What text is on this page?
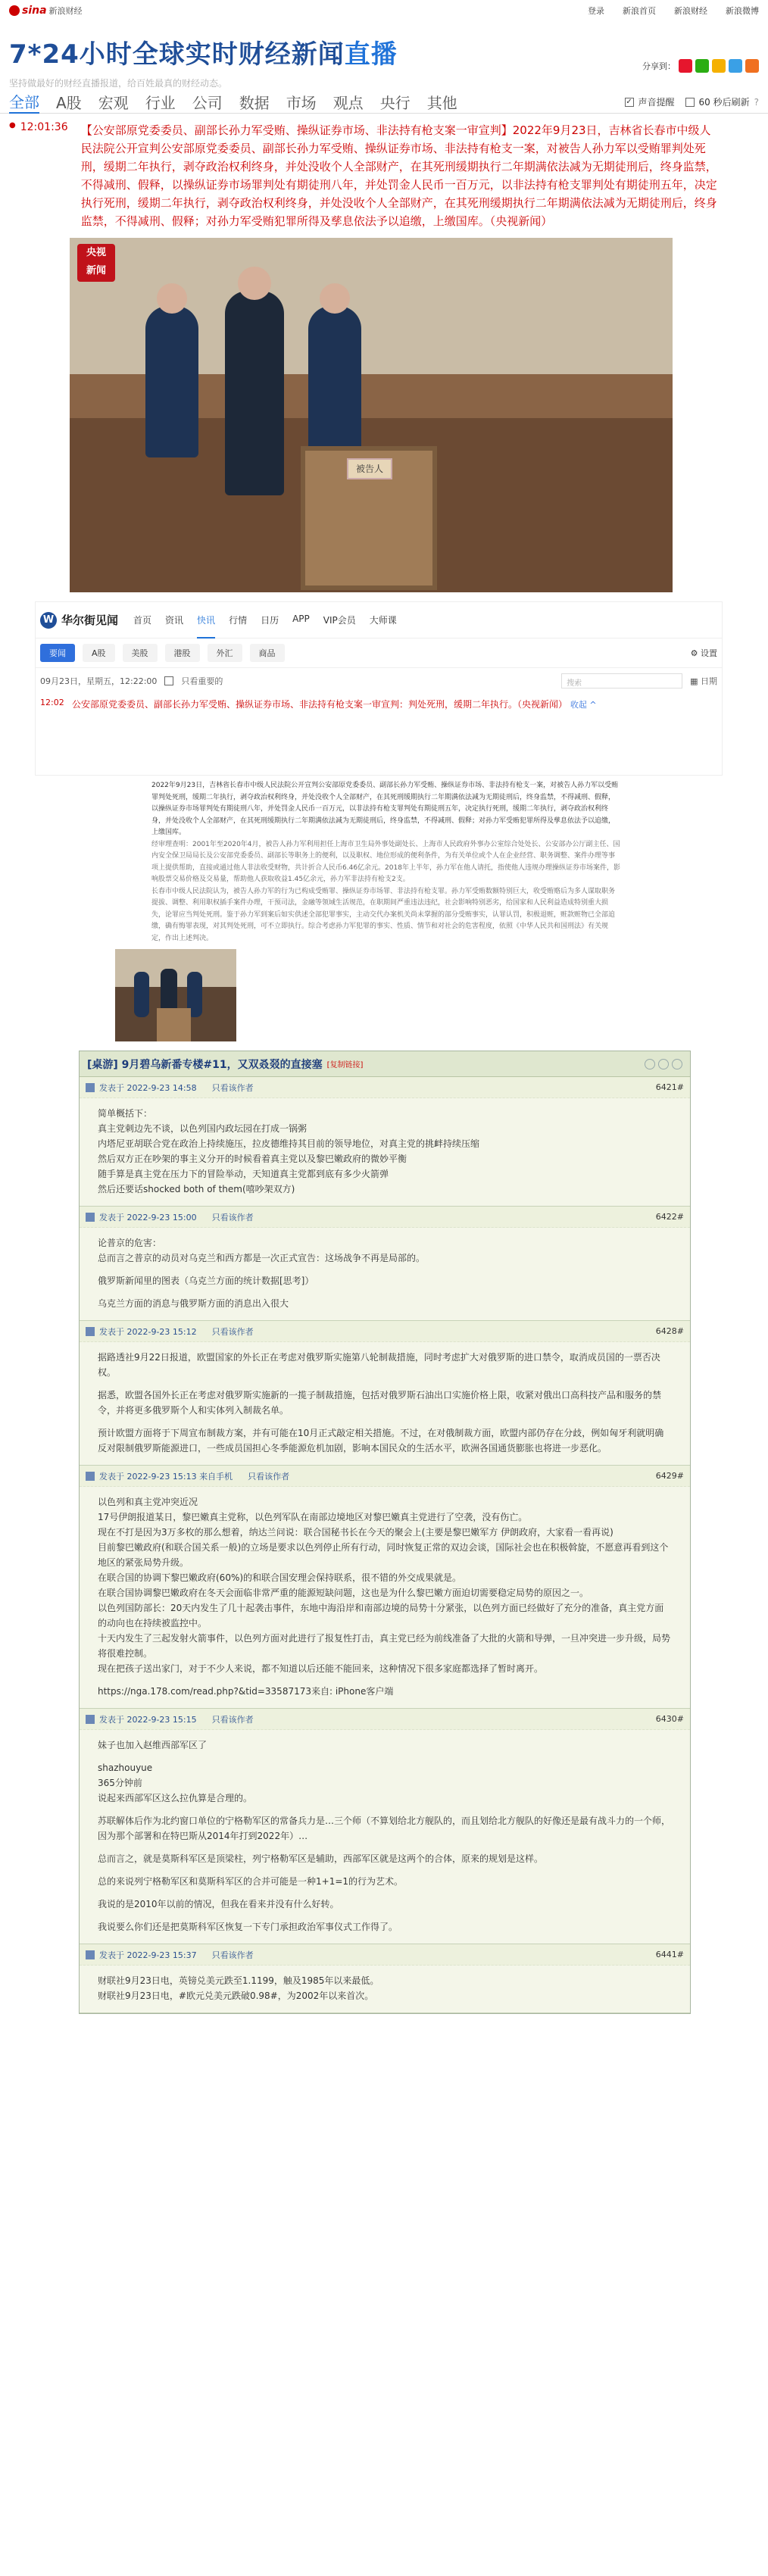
sina 新浪财经	登录 新浪首页 新浪财经 新浪微博
7*24小时全球实时财经新闻直播
坚持做最好的财经直播报道，给百姓最真的财经动态。
分享到：
全部 A股 宏观 行业 公司 数据 市场 观点 央行 其他	✓ 声音提醒	60 秒后刷新 ?
● 12:01:36	【公安部原党委委员、副部长孙力军受贿、操纵证券市场、非法持有枪支案一审宣判】2022年9月23日，吉林省长春市中级人民法院公开宣判公安部原党委委员、副部长孙力军受贿、操纵证券市场、非法持有枪支一案，对被告人孙力军以受贿罪判处死刑，缓期二年执行，剥夺政治权利终身，并处没收个人全部财产，在其死刑缓期执行二年期满依法减为无期徒刑后，终身监禁，不得减刑、假释，以操纵证券市场罪判处有期徒刑八年，并处罚金人民币一百万元，以非法持有枪支罪判处有期徒刑五年，决定执行死刑，缓期二年执行，剥夺政治权利终身，并处没收个人全部财产，在其死刑缓期执行二年期满依法减为无期徒刑后，终身监禁，不得减刑、假释；对孙力军受贿犯罪所得及孳息依法予以追缴，上缴国库。（央视新闻）
央视
新闻
被告人
W 华尔街见闻 首页 资讯 快讯 行情 日历 APP VIP会员 大师课
要闻	A股	美股	港股	外汇	商品	⚙ 设置
09月23日，星期五，12:22:00	只看重要的	搜索	▦ 日期
12:02 公安部原党委委员、副部长孙力军受贿、操纵证券市场、非法持有枪支案一审宣判：判处死刑，缓期二年执行。（央视新闻） 收起 ^

2022年9月23日，吉林省长春市中级人民法院公开宣判公安部原党委委员、副部长孙力军受贿、操纵证券市场、非法持有枪支一案，对被告人孙力军以受贿罪判处死刑，缓期二年执行，剥夺政治权利终身，并处没收个人全部财产，在其死刑缓期执行二年期满依法减为无期徒刑后，终身监禁，不得减刑、假释，以操纵证券市场罪判处有期徒刑八年，并处罚金人民币一百万元，以非法持有枪支罪判处有期徒刑五年，决定执行死刑，缓期二年执行，剥夺政治权利终身，并处没收个人全部财产，在其死刑缓期执行二年期满依法减为无期徒刑后，终身监禁，不得减刑、假释；对孙力军受贿犯罪所得及孳息依法予以追缴，上缴国库。

经审理查明：2001年至2020年4月，被告人孙力军利用担任上海市卫生局外事处副处长、上海市人民政府外事办公室综合处处长、公安部办公厅副主任、国内安全保卫局局长及公安部党委委员、副部长等职务上的便利，以及职权、地位形成的便利条件，为有关单位或个人在企业经营、职务调整、案件办理等事项上提供帮助，直接或通过他人非法收受财物，共计折合人民币6.46亿余元。2018年上半年，孙力军在他人请托，指使他人违规办理操纵证券市场案件，影响股票交易价格及交易量，帮助他人获取收益1.45亿余元，孙力军非法持有枪支2支。

长春市中级人民法院认为，被告人孙力军的行为已构成受贿罪、操纵证券市场罪、非法持有枪支罪。孙力军受贿数额特别巨大，收受贿赂后为多人谋取职务提拔、调整、利用职权插手案件办理，干预司法，金融等领域生活规范，在职期间严重违法违纪，社会影响特别恶劣，给国家和人民利益造成特别重大损失，论罪应当判处死刑。鉴于孙力军到案后如实供述全部犯罪事实，主动交代办案机关尚未掌握的部分受贿事实，认罪认罚，积极退赃，赃款赃物已全部追缴，确有悔罪表现，对其判处死刑，可不立即执行。综合考虑孙力军犯罪的事实、性质、情节和对社会的危害程度，依照《中华人民共和国刑法》有关规定，作出上述判决。

[桌游] 9月碧乌新番专楼#11，又双叒叕的直接塞 [复制链接]
发表于 2022-9-23 14:58 只看该作者	6421#

简单概括下：

真主党刺边先不谈，以色列国内政坛园在打成一锅粥

内塔尼亚胡联合党在政治上持续施压，拉皮德维持其目前的领导地位，对真主党的挑衅持续压缩

然后双方正在吵架的事主义分开的时候看着真主党以及黎巴嫩政府的微妙平衡

随手算是真主党在压力下的冒险举动，天知道真主党都到底有多少火箭弹

然后还要话shocked both of them(嘻吵架双方)

发表于 2022-9-23 15:00 只看该作者	6422#

论普京的危害：

总而言之普京的动员对乌克兰和西方都是一次正式宣告：这场战争不再是局部的。

俄罗斯新闻里的图表（乌克兰方面的统计数据[思考]）

乌克兰方面的消息与俄罗斯方面的消息出入很大

发表于 2022-9-23 15:12 只看该作者	6428#

据路透社9月22日报道，欧盟国家的外长正在考虑对俄罗斯实施第八轮制裁措施，同时考虑扩大对俄罗斯的进口禁令，取消成员国的一票否决权。

据悉，欧盟各国外长正在考虑对俄罗斯实施新的一揽子制裁措施，包括对俄罗斯石油出口实施价格上限，收紧对俄出口高科技产品和服务的禁令，并将更多俄罗斯个人和实体列入制裁名单。

预计欧盟方面将于下周宣布制裁方案，并有可能在10月正式敲定相关措施。不过，在对俄制裁方面，欧盟内部仍存在分歧，例如匈牙利就明确反对限制俄罗斯能源进口，一些成员国担心冬季能源危机加剧，影响本国民众的生活水平，欧洲各国通货膨胀也将进一步恶化。

发表于 2022-9-23 15:13 来自手机 只看该作者	6429#

以色列和真主党冲突近况

17号伊朗报道某日，黎巴嫩真主党称，以色列军队在南部边境地区对黎巴嫩真主党进行了空袭，没有伤亡。

现在不打是因为3万多枚的那么想着，纳达兰问说：联合国秘书长在今天的聚会上(主要是黎巴嫩军方 伊朗政府，大家看一看再说)

目前黎巴嫩政府(和联合国关系一般)的立场是要求以色列停止所有行动，同时恢复正常的双边会谈，国际社会也在积极斡旋，不愿意再看到这个地区的紧张局势升级。

在联合国的协调下黎巴嫩政府(60%)的和联合国安理会保持联系，很不错的外交成果就是。

在联合国协调黎巴嫩政府在冬天会面临非常严重的能源短缺问题，这也是为什么黎巴嫩方面迫切需要稳定局势的原因之一。

以色列国防部长：20天内发生了几十起袭击事件，东地中海沿岸和南部边境的局势十分紧张，以色列方面已经做好了充分的准备，真主党方面的动向也在持续被监控中。

十天内发生了三起发射火箭事件，以色列方面对此进行了报复性打击，真主党已经为前线准备了大批的火箭和导弹，一旦冲突进一步升级，局势将很难控制。

现在把孩子送出家门，对于不少人来说，都不知道以后还能不能回来，这种情况下很多家庭都选择了暂时离开。

https://nga.178.com/read.php?&tid=33587173来自: iPhone客户端

发表于 2022-9-23 15:15 只看该作者	6430#

妹子也加入赵维西部军区了

shazhouyue

365分钟前

说起来西部军区这么拉仇算是合理的。

苏联解体后作为北约窗口单位的宁格勒军区的常备兵力是…三个师（不算划给北方舰队的，而且划给北方舰队的好像还是最有战斗力的一个师，因为那个部署和在特巴斯从2014年打到2022年）…

总而言之，就是莫斯科军区是顶梁柱，列宁格勒军区是辅助，西部军区就是这两个的合体，原来的规划是这样。

总的来说列宁格勒军区和莫斯科军区的合并可能是一种1+1=1的行为艺术。

我说的是2010年以前的情况，但我在看来并没有什么好转。

我说要么你们还是把莫斯科军区恢复一下专门承担政治军事仪式工作得了。

发表于 2022-9-23 15:37 只看该作者	6441#

财联社9月23日电，英镑兑美元跌至1.1199，触及1985年以来最低。

财联社9月23日电，#欧元兑美元跌破0.98#，为2002年以来首次。
